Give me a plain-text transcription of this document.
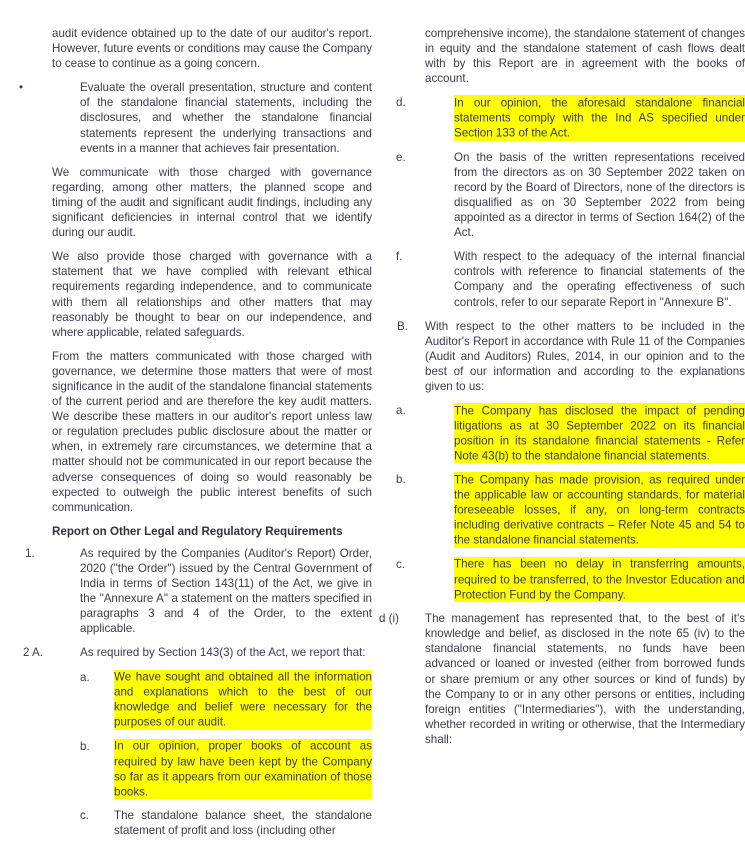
audit evidence obtained up to the date of our auditor's report. However, future events or conditions may cause the Company to cease to continue as a going concern.

•	Evaluate the overall presentation, structure and content of the standalone financial statements, including the disclosures, and whether the standalone financial statements represent the underlying transactions and events in a manner that achieves fair presentation.

We communicate with those charged with governance regarding, among other matters, the planned scope and timing of the audit and significant audit findings, including any significant deficiencies in internal control that we identify during our audit.

We also provide those charged with governance with a statement that we have complied with relevant ethical requirements regarding independence, and to communicate with them all relationships and other matters that may reasonably be thought to bear on our independence, and where applicable, related safeguards.

From the matters communicated with those charged with governance, we determine those matters that were of most significance in the audit of the standalone financial statements of the current period and are therefore the key audit matters. We describe these matters in our auditor's report unless law or regulation precludes public disclosure about the matter or when, in extremely rare circumstances, we determine that a matter should not be communicated in our report because the adverse consequences of doing so would reasonably be expected to outweigh the public interest benefits of such communication.

Report on Other Legal and Regulatory Requirements
1.	As required by the Companies (Auditor's Report) Order, 2020 ("the Order") issued by the Central Government of India in terms of Section 143(11) of the Act, we give in the "Annexure A" a statement on the matters specified in paragraphs 3 and 4 of the Order, to the extent applicable.
2 A.	As required by Section 143(3) of the Act, we report that:
a. We have sought and obtained all the information and explanations which to the best of our knowledge and belief were necessary for the purposes of our audit.
b. In our opinion, proper books of account as required by law have been kept by the Company so far as it appears from our examination of those books.
c. The standalone balance sheet, the standalone statement of profit and loss (including other

comprehensive income), the standalone statement of changes in equity and the standalone statement of cash flows dealt with by this Report are in agreement with the books of account.

d.	In our opinion, the aforesaid standalone financial statements comply with the Ind AS specified under Section 133 of the Act.
e.	On the basis of the written representations received from the directors as on 30 September 2022 taken on record by the Board of Directors, none of the directors is disqualified as on 30 September 2022 from being appointed as a director in terms of Section 164(2) of the Act.
f.	With respect to the adequacy of the internal financial controls with reference to financial statements of the Company and the operating effectiveness of such controls, refer to our separate Report in "Annexure B".
B. With respect to the other matters to be included in the Auditor's Report in accordance with Rule 11 of the Companies (Audit and Auditors) Rules, 2014, in our opinion and to the best of our information and according to the explanations given to us:
a.	The Company has disclosed the impact of pending litigations as at 30 September 2022 on its financial position in its standalone financial statements - Refer Note 43(b) to the standalone financial statements.
b.	The Company has made provision, as required under the applicable law or accounting standards, for material foreseeable losses, if any, on long-term contracts including derivative contracts – Refer Note 45 and 54 to the standalone financial statements.
c.	There has been no delay in transferring amounts, required to be transferred, to the Investor Education and Protection Fund by the Company.
d (i) The management has represented that, to the best of it's knowledge and belief, as disclosed in the note 65 (iv) to the standalone financial statements, no funds have been advanced or loaned or invested (either from borrowed funds or share premium or any other sources or kind of funds) by the Company to or in any other persons or entities, including foreign entities ("Intermediaries"), with the understanding, whether recorded in writing or otherwise, that the Intermediary shall:
